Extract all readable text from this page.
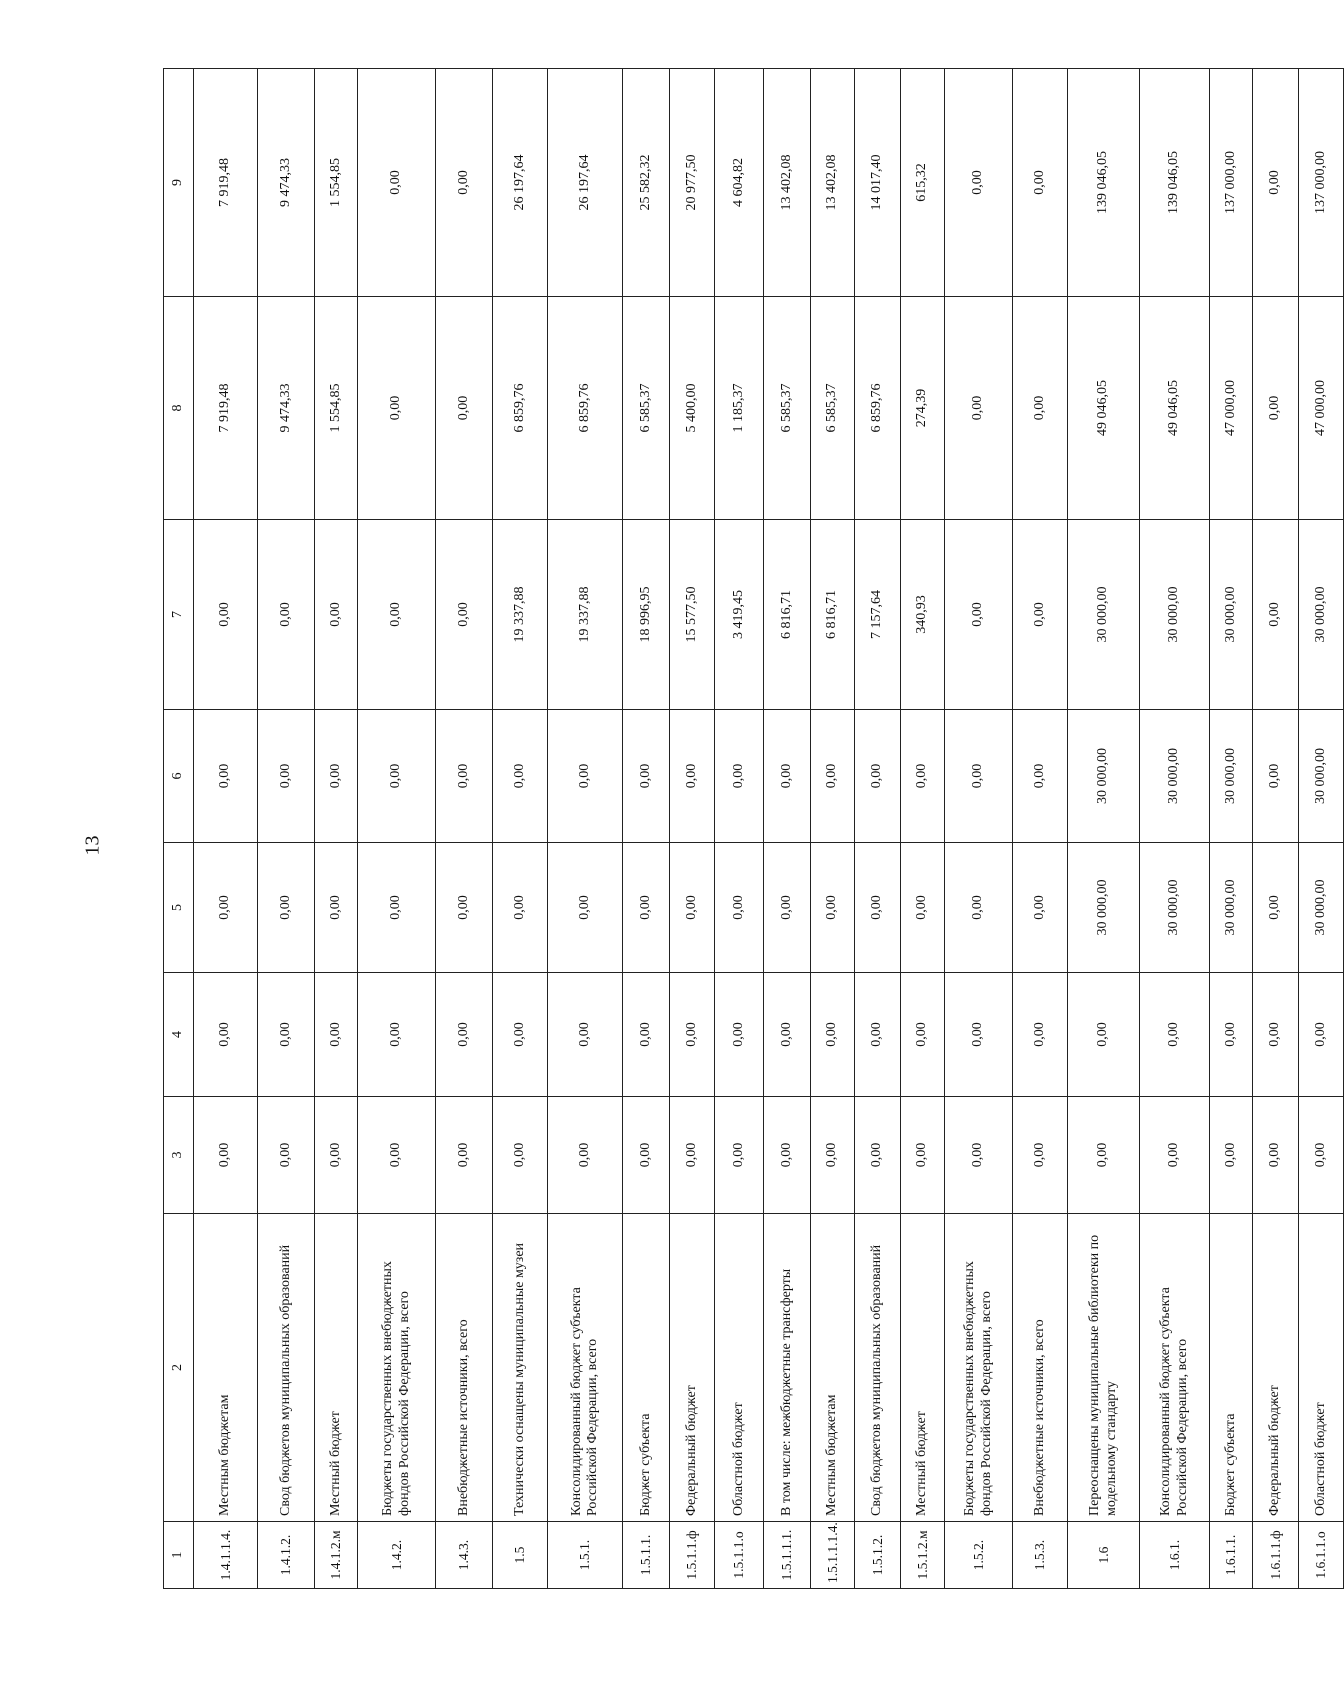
13
1	2	3	4	5	6	7	8	9
1.4.1.1.4.	Местным бюджетам	0,00	0,00	0,00	0,00	0,00	7 919,48	7 919,48
1.4.1.2.	Свод бюджетов муниципальных образований	0,00	0,00	0,00	0,00	0,00	9 474,33	9 474,33
1.4.1.2.м	Местный бюджет	0,00	0,00	0,00	0,00	0,00	1 554,85	1 554,85
1.4.2.	Бюджеты государственных внебюджетных фондов Российской Федерации, всего	0,00	0,00	0,00	0,00	0,00	0,00	0,00
1.4.3.	Внебюджетные источники, всего	0,00	0,00	0,00	0,00	0,00	0,00	0,00
1.5	Технически оснащены муниципальные музеи	0,00	0,00	0,00	0,00	19 337,88	6 859,76	26 197,64
1.5.1.	Консолидированный бюджет субъекта Российской Федерации, всего	0,00	0,00	0,00	0,00	19 337,88	6 859,76	26 197,64
1.5.1.1.	Бюджет субъекта	0,00	0,00	0,00	0,00	18 996,95	6 585,37	25 582,32
1.5.1.1.ф	Федеральный бюджет	0,00	0,00	0,00	0,00	15 577,50	5 400,00	20 977,50
1.5.1.1.о	Областной бюджет	0,00	0,00	0,00	0,00	3 419,45	1 185,37	4 604,82
1.5.1.1.1.	В том числе: межбюджетные трансферты	0,00	0,00	0,00	0,00	6 816,71	6 585,37	13 402,08
1.5.1.1.1.4.	Местным бюджетам	0,00	0,00	0,00	0,00	6 816,71	6 585,37	13 402,08
1.5.1.2.	Свод бюджетов муниципальных образований	0,00	0,00	0,00	0,00	7 157,64	6 859,76	14 017,40
1.5.1.2.м	Местный бюджет	0,00	0,00	0,00	0,00	340,93	274,39	615,32
1.5.2.	Бюджеты государственных внебюджетных фондов Российской Федерации, всего	0,00	0,00	0,00	0,00	0,00	0,00	0,00
1.5.3.	Внебюджетные источники, всего	0,00	0,00	0,00	0,00	0,00	0,00	0,00
1.6	Переоснащены муниципальные библиотеки по модельному стандарту	0,00	0,00	30 000,00	30 000,00	30 000,00	49 046,05	139 046,05
1.6.1.	Консолидированный бюджет субъекта Российской Федерации, всего	0,00	0,00	30 000,00	30 000,00	30 000,00	49 046,05	139 046,05
1.6.1.1.	Бюджет субъекта	0,00	0,00	30 000,00	30 000,00	30 000,00	47 000,00	137 000,00
1.6.1.1.ф	Федеральный бюджет	0,00	0,00	0,00	0,00	0,00	0,00	0,00
1.6.1.1.о	Областной бюджет	0,00	0,00	30 000,00	30 000,00	30 000,00	47 000,00	137 000,00
